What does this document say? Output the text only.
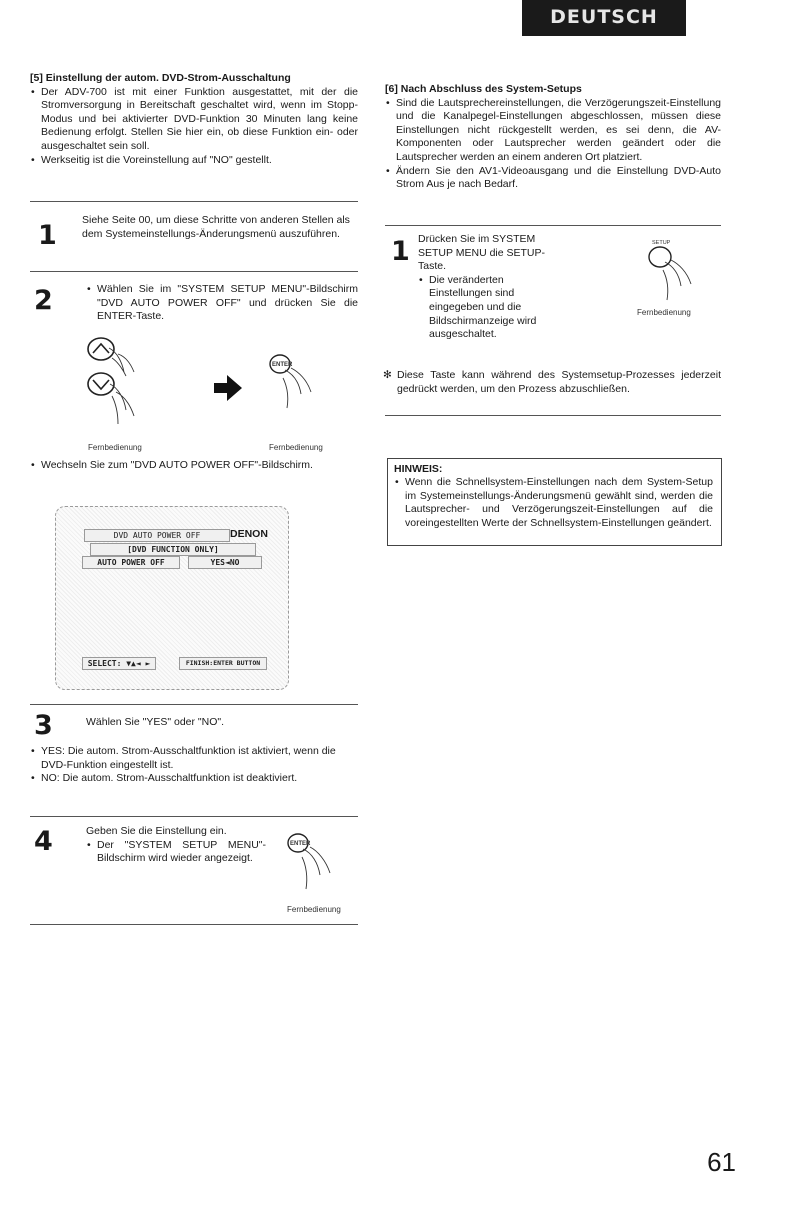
DEUTSCH
[5] Einstellung der autom. DVD-Strom-Ausschaltung
• Der ADV-700 ist mit einer Funktion ausgestattet, mit der die Stromversorgung in Bereitschaft geschaltet wird, wenn im Stopp-Modus und bei aktivierter DVD-Funktion 30 Minuten lang keine Bedienung erfolgt. Stellen Sie hier ein, ob diese Funktion ein- oder ausgeschaltet sein soll.
• Werkseitig ist die Voreinstellung auf "NO" gestellt.
1 Siehe Seite 00, um diese Schritte von anderen Stellen als dem Systemeinstellungs-Änderungsmenü auszuführen.
2
•	Wählen Sie im "SYSTEM SETUP MENU"-Bildschirm "DVD AUTO POWER OFF" und drücken Sie die ENTER-Taste.
ENTER
Fernbedienung	Fernbedienung
• Wechseln Sie zum "DVD AUTO POWER OFF"-Bildschirm.
DVD AUTO POWER OFF	DENON
[DVD FUNCTION ONLY]
AUTO POWER OFF	YES◄NO
SELECT: ▼▲◄ ►	FINISH:ENTER BUTTON
3	Wählen Sie "YES" oder "NO".
• YES: Die autom. Strom-Ausschaltfunktion ist aktiviert, wenn die DVD-Funktion eingestellt ist.
• NO: Die autom. Strom-Ausschaltfunktion ist deaktiviert.
4	Geben Sie die Einstellung ein.
• Der "SYSTEM SETUP MENU"-Bildschirm wird wieder angezeigt.
ENTER
Fernbedienung
[6] Nach Abschluss des System-Setups
• Sind die Lautsprechereinstellungen, die Verzögerungszeit-Einstellung und die Kanalpegel-Einstellungen abgeschlossen, müssen diese Einstellungen nicht rückgestellt werden, es sei denn, die AV-Komponenten oder Lautsprecher werden geändert oder die Lautsprecher werden an einem anderen Ort platziert.
• Ändern Sie den AV1-Videoausgang und die Einstellung DVD-Auto Strom Aus je nach Bedarf.
1 Drücken Sie im SYSTEM SETUP MENU die SETUP-Taste.
• Die veränderten Einstellungen sind eingegeben und die Bildschirmanzeige wird ausgeschaltet.
SETUP
Fernbedienung
✻ Diese Taste kann während des Systemsetup-Prozesses jederzeit gedrückt werden, um den Prozess abzuschließen.
HINWEIS:
• Wenn die Schnellsystem-Einstellungen nach dem System-Setup im Systemeinstellungs-Änderungsmenü gewählt sind, werden die Lautsprecher- und Verzögerungszeit-Einstellungen auf die voreingestellten Werte der Schnellsystem-Einstellungen geändert.
61
